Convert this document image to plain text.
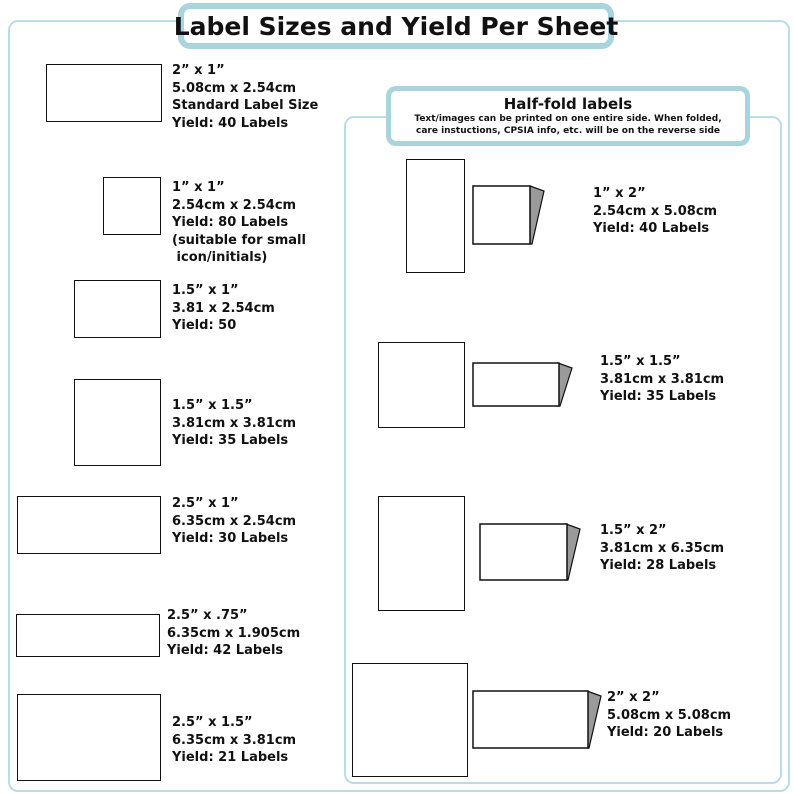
Label Sizes and Yield Per Sheet
Half-fold labels
Text/images can be printed on one entire side. When folded,
care instuctions, CPSIA info, etc. will be on the reverse side
2” x 1”
5.08cm x 2.54cm
Standard Label Size
Yield: 40 Labels
1” x 1”
2.54cm x 2.54cm
Yield: 80 Labels
(suitable for small
icon/initials)
1.5” x 1”
3.81 x 2.54cm
Yield: 50
1.5” x 1.5”
3.81cm x 3.81cm
Yield: 35 Labels
2.5” x 1”
6.35cm x 2.54cm
Yield: 30 Labels
2.5” x .75”
6.35cm x 1.905cm
Yield: 42 Labels
2.5” x 1.5”
6.35cm x 3.81cm
Yield: 21 Labels
1” x 2”
2.54cm x 5.08cm
Yield: 40 Labels
1.5” x 1.5”
3.81cm x 3.81cm
Yield: 35 Labels
1.5” x 2”
3.81cm x 6.35cm
Yield: 28 Labels
2” x 2”
5.08cm x 5.08cm
Yield: 20 Labels
